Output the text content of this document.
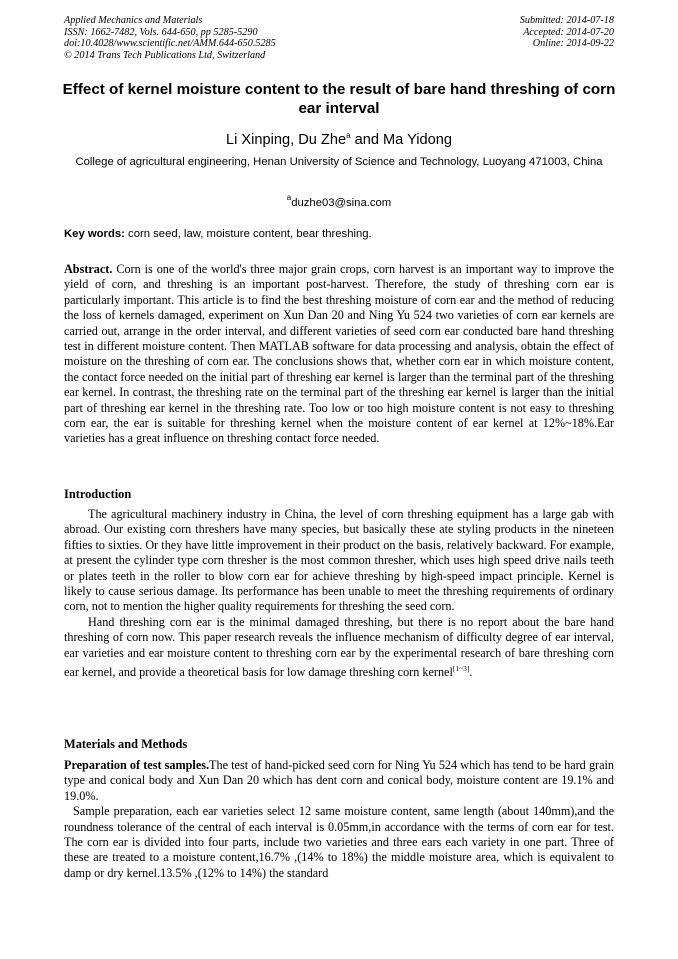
Applied Mechanics and Materials
ISSN: 1662-7482, Vols. 644-650, pp 5285-5290
doi:10.4028/www.scientific.net/AMM.644-650.5285
© 2014 Trans Tech Publications Ltd, Switzerland
Submitted: 2014-07-18
Accepted: 2014-07-20
Online: 2014-09-22
Effect of kernel moisture content to the result of bare hand threshing of corn ear interval
Li Xinping, Du Zhe$^a$ and Ma Yidong
College of agricultural engineering, Henan University of Science and Technology, Luoyang 471003, China
$^a$duzhe03@sina.com
Key words: corn seed, law, moisture content, bear threshing.
Abstract. Corn is one of the world's three major grain crops, corn harvest is an important way to improve the yield of corn, and threshing is an important post-harvest. Therefore, the study of threshing corn ear is particularly important. This article is to find the best threshing moisture of corn ear and the method of reducing the loss of kernels damaged, experiment on Xun Dan 20 and Ning Yu 524 two varieties of corn ear kernels are carried out, arrange in the order interval, and different varieties of seed corn ear conducted bare hand threshing test in different moisture content. Then MATLAB software for data processing and analysis, obtain the effect of moisture on the threshing of corn ear. The conclusions shows that, whether corn ear in which moisture content, the contact force needed on the initial part of threshing ear kernel is larger than the terminal part of the threshing ear kernel. In contrast, the threshing rate on the terminal part of the threshing ear kernel is larger than the initial part of threshing ear kernel in the threshing rate. Too low or too high moisture content is not easy to threshing corn ear, the ear is suitable for threshing kernel when the moisture content of ear kernel at 12%~18%.Ear varieties has a great influence on threshing contact force needed.
Introduction

The agricultural machinery industry in China, the level of corn threshing equipment has a large gab with abroad. Our existing corn threshers have many species, but basically these ate styling products in the nineteen fifties to sixties. Or they have little improvement in their product on the basis, relatively backward. For example, at present the cylinder type corn thresher is the most common thresher, which uses high speed drive nails teeth or plates teeth in the roller to blow corn ear for achieve threshing by high-speed impact principle. Kernel is likely to cause serious damage. Its performance has been unable to meet the threshing requirements of ordinary corn, not to mention the higher quality requirements for threshing the seed corn.

Hand threshing corn ear is the minimal damaged threshing, but there is no report about the bare hand threshing of corn now. This paper research reveals the influence mechanism of difficulty degree of ear interval, ear varieties and ear moisture content to threshing corn ear by the experimental research of bare threshing corn ear kernel, and provide a theoretical basis for low damage threshing corn kernel[1~3].

Materials and Methods

Preparation of test samples.The test of hand-picked seed corn for Ning Yu 524 which has tend to be hard grain type and conical body and Xun Dan 20 which has dent corn and conical body, moisture content are 19.1% and 19.0%.

Sample preparation, each ear varieties select 12 same moisture content, same length (about 140mm),and the roundness tolerance of the central of each interval is 0.05mm,in accordance with the terms of corn ear for test. The corn ear is divided into four parts, include two varieties and three ears each variety in one part. Three of these are treated to a moisture content,16.7% ,(14% to 18%) the middle moisture area, which is equivalent to damp or dry kernel.13.5% ,(12% to 14%) the standard
